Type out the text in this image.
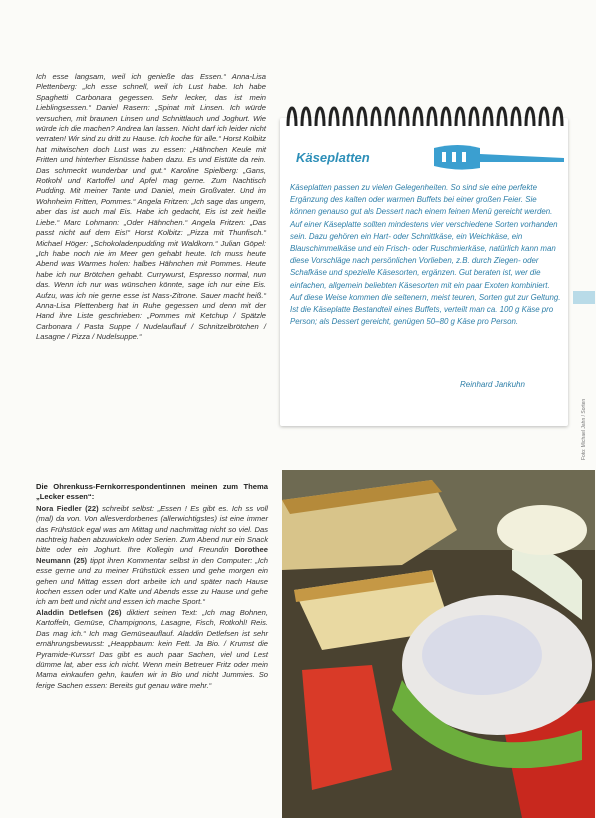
Ich esse langsam, weil ich genieße das Essen.“ Anna-Lisa Plettenberg: „Ich esse schnell, weil ich Lust habe. Ich habe Spaghetti Carbonara gegessen. Sehr lecker, das ist mein Lieblingsessen.“ Daniel Rasern: „Spinat mit Linsen. Ich würde versuchen, mit braunen Linsen und Schnittlauch und Joghurt. Wie würde ich die machen? Andrea lan lassen. Nicht darf ich leider nicht verraten! Wir sind zu dritt zu Hause. Ich koche für alle.“ Horst Kolbitz hat mitwischen doch Lust was zu essen: „Hähnchen Keule mit Fritten und hinterher Eisnüsse haben dazu. Es und Eistüte da rein. Das schmeckt wunderbar und gut.“ Karoline Spielberg: „Gans, Rotkohl und Kartoffel und Apfel mag gerne. Zum Nachtisch Pudding. Mit meiner Tante und Daniel, mein Großvater. Und im Wohnheim Fritten, Pommes.“ Angela Fritzen: „Ich sage das ungern, aber das ist auch mal Eis. Habe ich gedacht, Eis ist zeit heiße Liebe.“ Marc Lohmann: „Oder Hähnchen.“ Angela Fritzen: „Das passt nicht auf dem Eis!“ Horst Kolbitz: „Pizza mit Thunfisch.“ Michael Höger: „Schokoladenpudding mit Waldkorn.“ Julian Göpel: „Ich habe noch nie im Meer gen gehabt heute. Ich muss heute Abend was Warmes holen: halbes Hähnchen mit Pommes. Heute habe ich nur Brötchen gehabt. Currywurst, Espresso normal, nun das. Wenn ich nur was wünschen könnte, sage ich nur eine Eis. Aufzu, was ich nie gerne esse ist Nass-Zitrone. Sauer macht heiß.“ Anna-Lisa Plettenberg hat in Ruhe gegessen und denn mit der Hand ihre Liste geschrieben: „Pommes mit Ketchup / Spätzle Carbonara / Pasta Suppe / Nudelauflauf / Schnitzelbrötchen / Lasagne / Pizza / Nudelsuppe.“

Die Ohrenkuss-Fernkorrespondentinnen meinen zum Thema „Lecker essen“:

Nora Fiedler (22) schreibt selbst: „Essen ! Es gibt es. Ich ss voll (mal) da von. Von allesverdorbenes (allerwichtigstes) ist eine immer das Frühstück egal was am Mittag und nachmittag nicht so viel. Das nachtreig haben abzuwickeln oder Serien. Zum Abend nur ein Snack bitte oder ein Joghurt. Ihre Kollegin und Freundin Dorothee Neumann (25) tippt ihren Kommentar selbst in den Computer: „Ich esse gerne und zu meiner Frühstück essen und gehe morgen ein gehen und Mittag essen dort arbeite ich und später nach Hause kochen essen oder und Kalte und Abends esse zu Hause und gehe ich am bett und nicht und essen ich mache Sport.“

Aladdin Detlefsen (26) diktiert seinen Text: „Ich mag Bohnen, Kartoffeln, Gemüse, Champignons, Lasagne, Fisch, Rotkohl! Reis. Das mag ich.“ Ich mag Gemüseauflauf. Aladdin Detlefsen ist sehr ernährungsbewusst: „Heappbaum: kein Fett. Ja Bio. / Krumst die Pyramide-Kurssr! Das gibt es auch paar Sachen, viel und Lest dümme lat, aber ess ich nicht. Wenn mein Betreuer Fritz oder mein Mama einkaufen gehn, kaufen wir in Bio und nicht Jummies. So ferige Sachen essen: Bereits gut genau wäre mehr.“

Käseplatten
Käseplatten passen zu vielen Gelegenheiten. So sind sie eine perfekte Ergänzung des kalten oder warmen Buffets bei einer großen Feier. Sie können genauso gut als Dessert nach einem feinen Menü gereicht werden. Auf einer Käseplatte sollten mindestens vier verschiedene Sorten vorhanden sein. Dazu gehören ein Hart- oder Schnittkäse, ein Weichkäse, ein Blauschimmelkäse und ein Frisch- oder Ruschmierkäse, natürlich kann man diese Vorschläge nach persönlichen Vorlieben, z.B. durch Ziegen- oder Schafkäse und spezielle Käsesorten, ergänzen. Gut beraten ist, wer die einfachen, allgemein beliebten Käsesorten mit ein paar Exoten kombiniert. Auf diese Weise kommen die seltenern, meist teuren, Sorten gut zur Geltung. Ist die Käseplatte Bestandteil eines Buffets, verteilt man ca. 100 g Käse pro Person; als Dessert gereicht, genügen 50–80 g Käse pro Person.
Reinhard Jankuhn
Foto: Michael Jahn / Sorten
